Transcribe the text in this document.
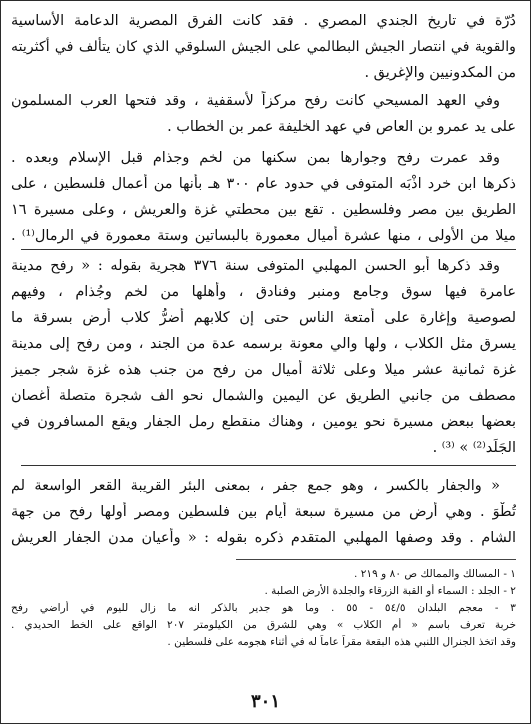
دُرّة في تاريخ الجندي المصري . فقد كانت الفرق المصرية الدعامة الأساسية
والقوية في انتصار الجيش البطالمي على الجيش السلوقي الذي كان يتألف في أكثريته
من المكدونيين والإغريق .
وفي العهد المسيحي كانت رفح مركزاً لأسقفية ، وقد فتحها العرب المسلمون
على يد عمرو بن العاص في عهد الخليفة عمر بن الخطاب .
وقد عمرت رفح وجوارها بمن سكنها من لخم وجذام قبل الإسلام وبعده .
ذكرها ابن خرد اذْبَه المتوفى في حدود عام ٣٠٠ هـ بأنها من أعمال فلسطين ، على
الطريق بين مصر وفلسطين . تقع بين محطتي غزة والعريش ، وعلى مسيرة ١٦
ميلا من الأولى ، منها عشرة أميال معمورة بالبساتين وستة معمورة في الرمال⁽¹⁾ .
وقد ذكرها أبو الحسن المهلبي المتوفى سنة ٣٧٦ هجرية بقوله : « رفح مدينة
عامرة فيها سوق وجامع ومنبر وفنادق ، وأهلها من لخم وجُذام ، وفيهم
لصوصية وإغارة على أمتعة الناس حتى إن كلابهم أضرُّ كلاب أرض بسرقة ما
يسرق مثل الكلاب ، ولها والي معونة برسمه عدة من الجند ، ومن رفح إلى مدينة
غزة ثمانية عشر ميلا وعلى ثلاثة أميال من رفح من جنب هذه غزة شجر جميز
مصطف من جانبي الطريق عن اليمين والشمال نحو الف شجرة متصلة أغصان
بعضها ببعض مسيرة نحو يومين ، وهناك منقطع رمل الجفار ويقع المسافرون في
الجَلَد⁽²⁾ » ⁽³⁾ .
« والجفار بالكسر ، وهو جمع جفر ، بمعنى البئر القريبة القعر الواسعة لم
تُطْوَ . وهي أرض من مسيرة سبعة أيام بين فلسطين ومصر أولها رفح من جهة
الشام . وقد وصفها المهلبي المتقدم ذكره بقوله : « وأعيان مدن الجفار العريش
١ - المسالك والممالك ص ٨٠ و ٢١٩ .
٢ - الجلد : السماء أو القبة الزرقاء والجلدة الأرض الصلبة .
٣ - معجم البلدان ٥٤/٥ - ٥٥ . وما هو جدير بالذكر انه ما زال لليوم في أراضي رفح
خربة تعرف باسم « أم الكلاب » وهي للشرق من الكيلومتر ٢٠٧ الواقع على الخط الحديدي .
وقد اتخذ الجنرال اللنبي هذه البقعة مقراً عاماً له في أثناء هجومه على فلسطين .
٣٠١
